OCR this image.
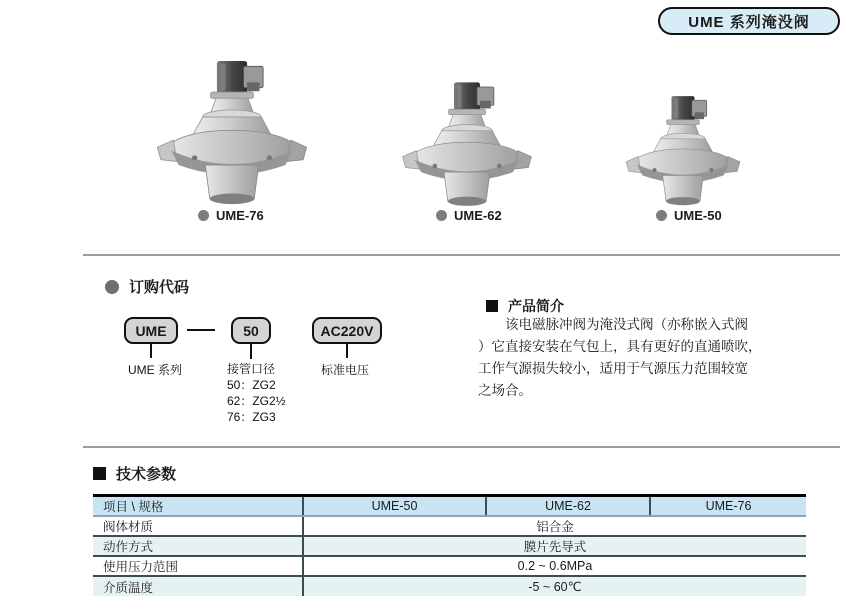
UME 系列淹没阀
UME-76	UME-62	UME-50
订购代码
UME	50	AC220V
UME 系列	接管口径
50：ZG2
62：ZG2½
76：ZG3
标准电压
产品简介
该电磁脉冲阀为淹没式阀（亦称嵌入式阀
）它直接安装在气包上，具有更好的直通喷吹，
工作气源损失较小，适用于气源压力范围较宽
之场合。
技术参数
项目 \ 规格	UME-50	UME-62	UME-76
阀体材质	铝合金		
动作方式	膜片先导式		
使用压力范围	0.2 ~ 0.6MPa		
介质温度	-5 ~ 60℃		
